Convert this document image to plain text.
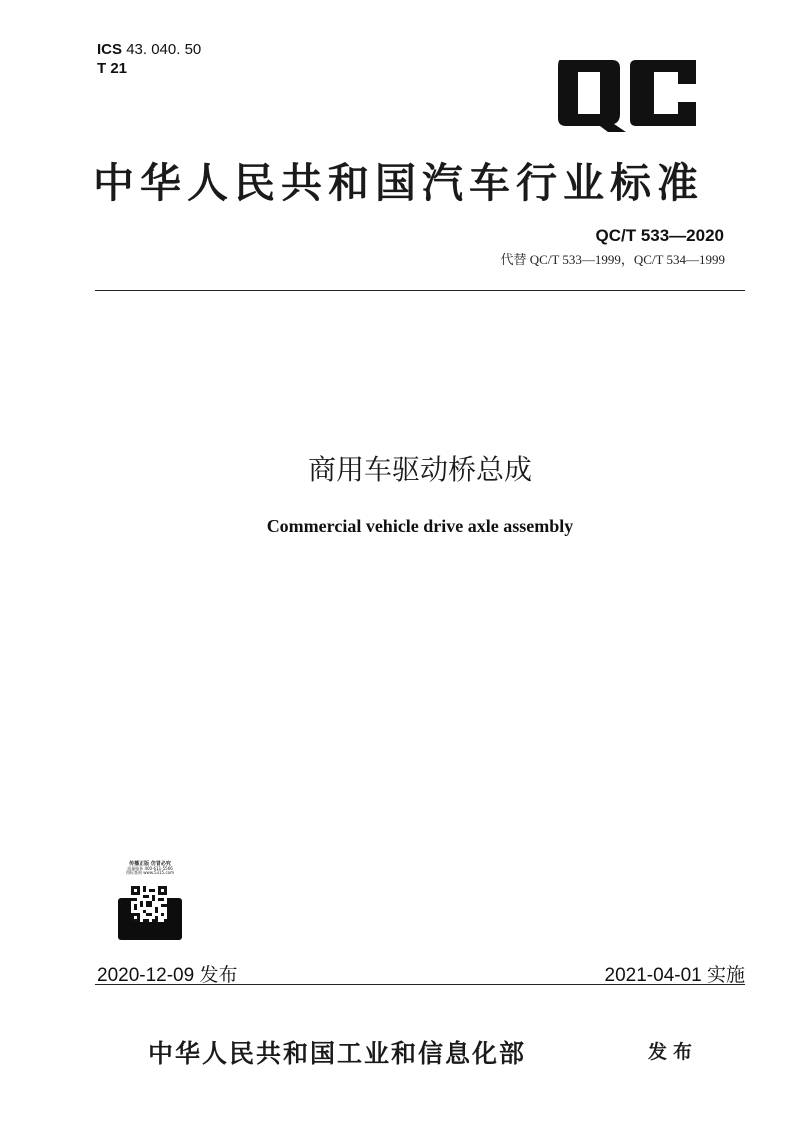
ICS 43. 040. 50
T 21
QC
中华人民共和国汽车行业标准
QC/T 533—2020
代替 QC/T 533—1999，QC/T 534—1999
商用车驱动桥总成
Commercial vehicle drive axle assembly
传播正版 仿冒必究
质量服务 400-611-5566
图标查询 www.5315.com
2020-12-09 发布	2021-04-01 实施
中华人民共和国工业和信息化部	发布
